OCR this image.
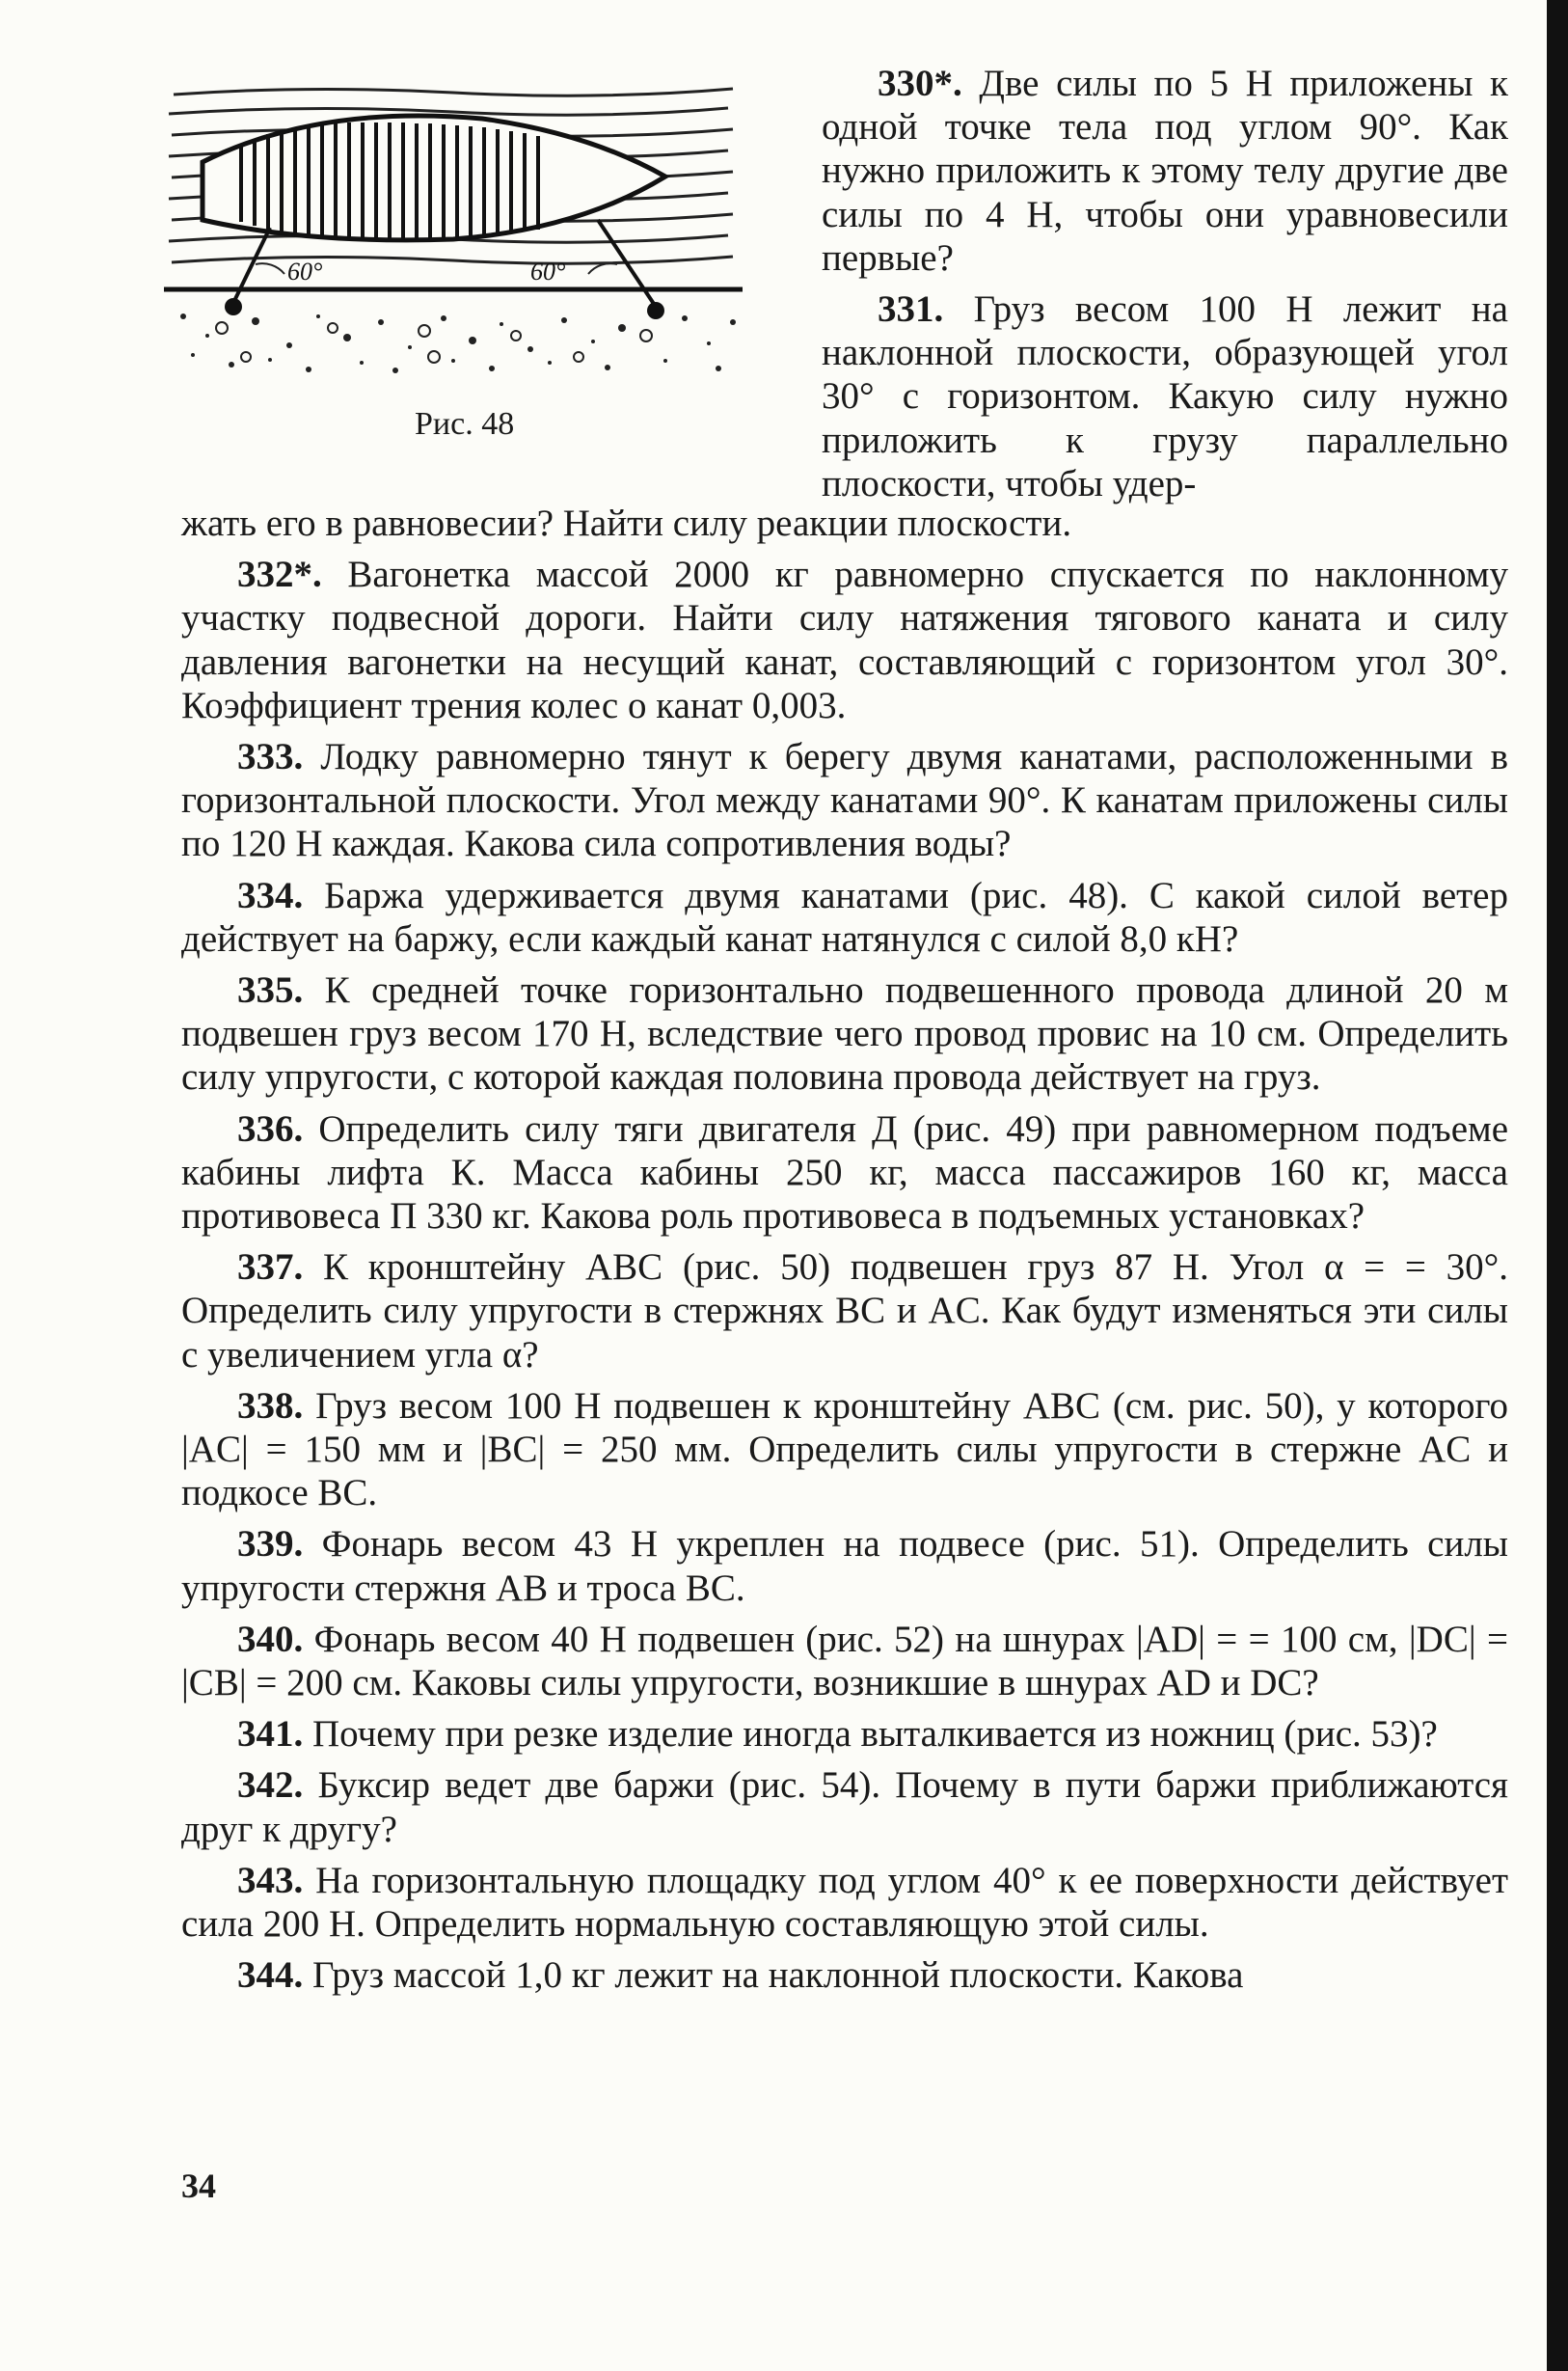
60°	60°
Рис. 48

330*. Две силы по 5 Н приложены к одной точке тела под углом 90°. Как нужно приложить к этому телу другие две силы по 4 Н, чтобы они уравновесили первые?

331. Груз весом 100 Н лежит на наклонной плоскости, образующей угол 30° с горизонтом. Какую силу нужно приложить к грузу параллельно плоскости, чтобы удер-

жать его в равновесии? Найти силу реакции плоскости.

332*. Вагонетка массой 2000 кг равномерно спускается по наклонному участку подвесной дороги. Найти силу натяжения тягового каната и силу давления вагонетки на несущий канат, составляющий с горизонтом угол 30°. Коэффициент трения колес о канат 0,003.

333. Лодку равномерно тянут к берегу двумя канатами, расположенными в горизонтальной плоскости. Угол между канатами 90°. К канатам приложены силы по 120 Н каждая. Какова сила сопротивления воды?

334. Баржа удерживается двумя канатами (рис. 48). С какой силой ветер действует на баржу, если каждый канат натянулся с силой 8,0 кН?

335. К средней точке горизонтально подвешенного провода длиной 20 м подвешен груз весом 170 Н, вследствие чего провод провис на 10 см. Определить силу упругости, с которой каждая половина провода действует на груз.

336. Определить силу тяги двигателя Д (рис. 49) при равномерном подъеме кабины лифта К. Масса кабины 250 кг, масса пассажиров 160 кг, масса противовеса П 330 кг. Какова роль противовеса в подъемных установках?

337. К кронштейну ABC (рис. 50) подвешен груз 87 Н. Угол α = = 30°. Определить силу упругости в стержнях BC и AC. Как будут изменяться эти силы с увеличением угла α?

338. Груз весом 100 Н подвешен к кронштейну ABC (см. рис. 50), у которого |AC| = 150 мм и |BC| = 250 мм. Определить силы упругости в стержне AC и подкосе BC.

339. Фонарь весом 43 Н укреплен на подвесе (рис. 51). Определить силы упругости стержня AB и троса BC.

340. Фонарь весом 40 Н подвешен (рис. 52) на шнурах |AD| = = 100 см, |DC| = |CB| = 200 см. Каковы силы упругости, возникшие в шнурах AD и DC?

341. Почему при резке изделие иногда выталкивается из ножниц (рис. 53)?

342. Буксир ведет две баржи (рис. 54). Почему в пути баржи приближаются друг к другу?

343. На горизонтальную площадку под углом 40° к ее поверхности действует сила 200 Н. Определить нормальную составляющую этой силы.

344. Груз массой 1,0 кг лежит на наклонной плоскости. Какова

34
